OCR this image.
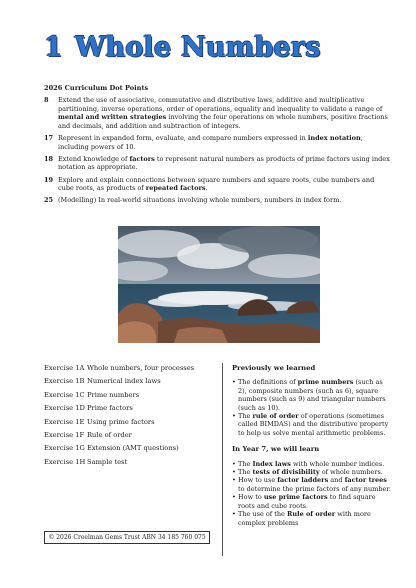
1 Whole Numbers
2026 Curriculum Dot Points
8	Extend the use of associative, commutative and distributive laws, additive and multiplicative partitioning, inverse operations, order of operations, equality and inequality to validate a range of mental and written strategies involving the four operations on whole numbers, positive fractions and decimals, and addition and subtraction of integers.
17 Represent in expanded form, evaluate, and compare numbers expressed in index notation, including powers of 10.
18 Extend knowledge of factors to represent natural numbers as products of prime factors using index notation as appropriate.
19 Explore and explain connections between square numbers and square roots, cube numbers and cube roots, as products of repeated factors.
25 (Modelling) In real-world situations involving whole numbers, numbers in index form.
Exercise 1A Whole numbers, four processes
Exercise 1B Numerical index laws
Exercise 1C Prime numbers
Exercise 1D Prime factors
Exercise 1E Using prime factors
Exercise 1F Rule of order
Exercise 1G Extension (AMT questions)
Exercise 1H Sample test
Previously we learned
• The definitions of prime numbers (such as 2), composite numbers (such as 6), square numbers (such as 9) and triangular numbers (such as 10).
• The rule of order of operations (sometimes called BIMDAS) and the distributive property to help us solve mental arithmetic problems.
In Year 7, we will learn
• The Index laws with whole number indices.
• The tests of divisibility of whole numbers.
• How to use factor ladders and factor trees to determine the prime factors of any number.
• How to use prime factors to find square roots and cube roots.
• The use of the Rule of order with more complex problems
© 2026 Creelman Gems Trust ABN 34 185 760 075
